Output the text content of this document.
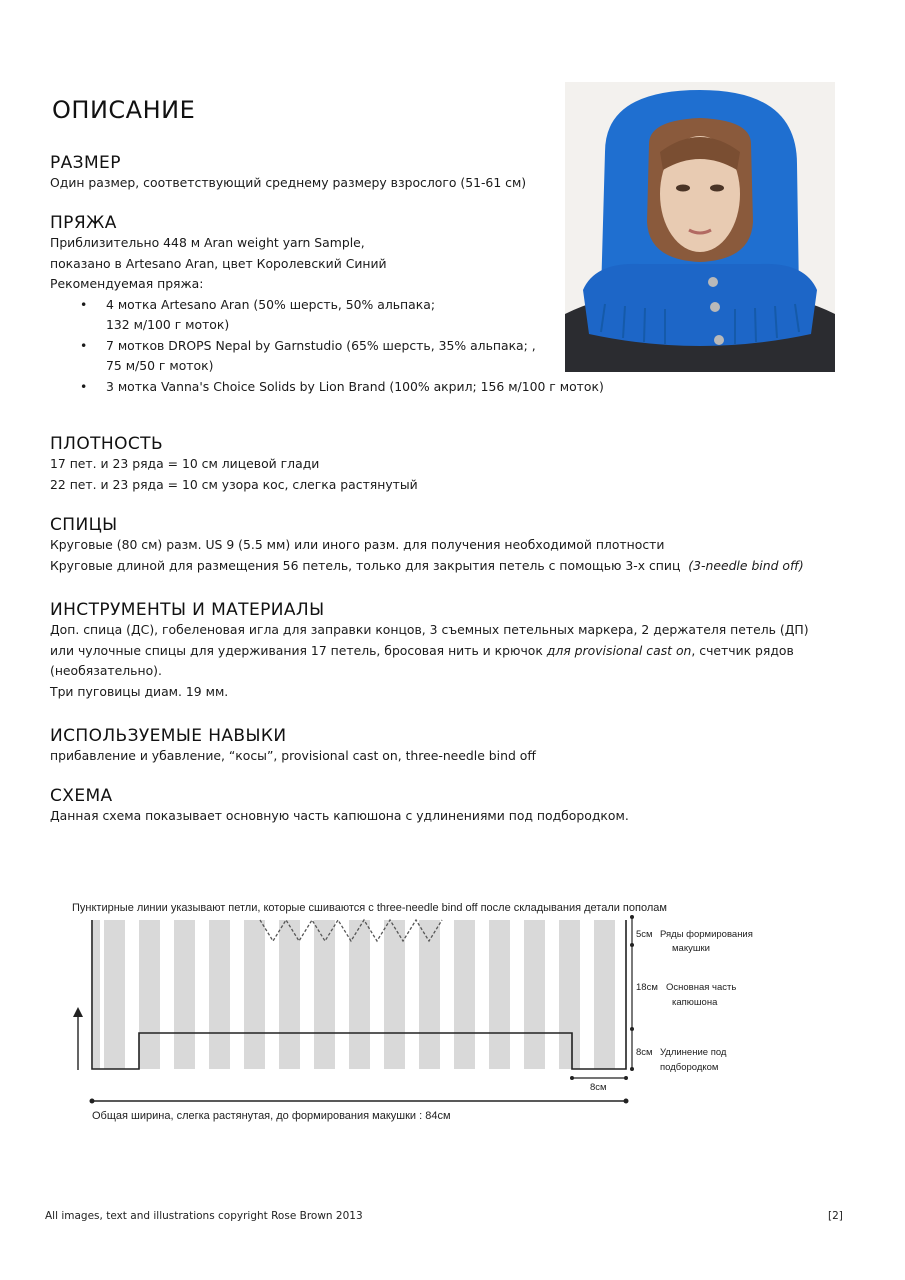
ОПИСАНИЕ
РАЗМЕР

Один размер, соответствующий среднему размеру взрослого (51-61 см)

ПРЯЖА

Приблизительно 448 м Aran weight yarn Sample,

показано в Artesano Aran, цвет Королевский Синий

Рекомендуемая пряжа:

• 4 мотка Artesano Aran (50% шерсть, 50% альпака;
132 м/100 г моток)
• 7 мотков DROPS Nepal by Garnstudio (65% шерсть, 35% альпака; ,
75 м/50 г моток)
• 3 мотка Vanna's Choice Solids by Lion Brand (100% акрил; 156 м/100 г моток)
ПЛОТНОСТЬ

17 пет. и 23 ряда = 10 см лицевой глади

22 пет. и 23 ряда = 10 см узора кос, слегка растянутый

СПИЦЫ

Круговые (80 см) разм. US 9 (5.5 мм) или иного разм. для получения необходимой плотности

Круговые длиной для размещения 56 петель, только для закрытия петель с помощью 3-х спиц (3-needle bind off)

ИНСТРУМЕНТЫ И МАТЕРИАЛЫ

Доп. спица (ДС), гобеленовая игла для заправки концов, 3 съемных петельных маркера, 2 держателя петель (ДП)

или чулочные спицы для удерживания 17 петель, бросовая нить и крючок для provisional cast on, счетчик рядов

(необязательно).

Три пуговицы диам. 19 мм.

ИСПОЛЬЗУЕМЫЕ НАВЫКИ

прибавление и убавление, “косы”, provisional cast on, three-needle bind off

СХЕМА

Данная схема показывает основную часть капюшона с удлинениями под подбородком.

Пунктирные линии указывают петли, которые сшиваются с three-needle bind off после складывания детали пополам
5см Ряды формирования
макушки
18см Основная часть
капюшона
8см Удлинение под
подбородком
8см
Общая ширина, слегка растянутая, до формирования макушки : 84см
All images, text and illustrations copyright Rose Brown 2013	[2]
